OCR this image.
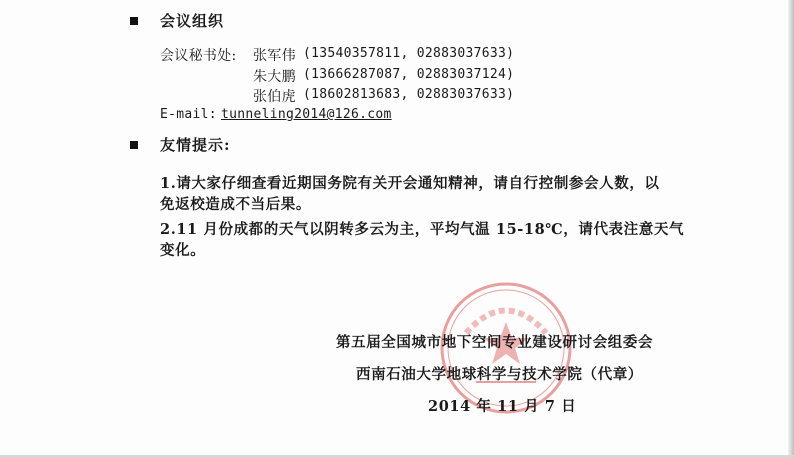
会议组织
会议秘书处: 张军伟 (13540357811, 02883037633)
朱大鹏 (13666287087, 02883037124)
张伯虎 (18602813683, 02883037633)
E-mail: tunneling2014@126.com
友情提示:
1.请大家仔细查看近期国务院有关开会通知精神，请自行控制参会人数，以
免返校造成不当后果。
2.11 月份成都的天气以阴转多云为主，平均气温 15-18℃，请代表注意天气
变化。
第五届全国城市地下空间专业建设研讨会组委会
西南石油大学地球科学与技术学院（代章）
2014 年 11 月 7 日
